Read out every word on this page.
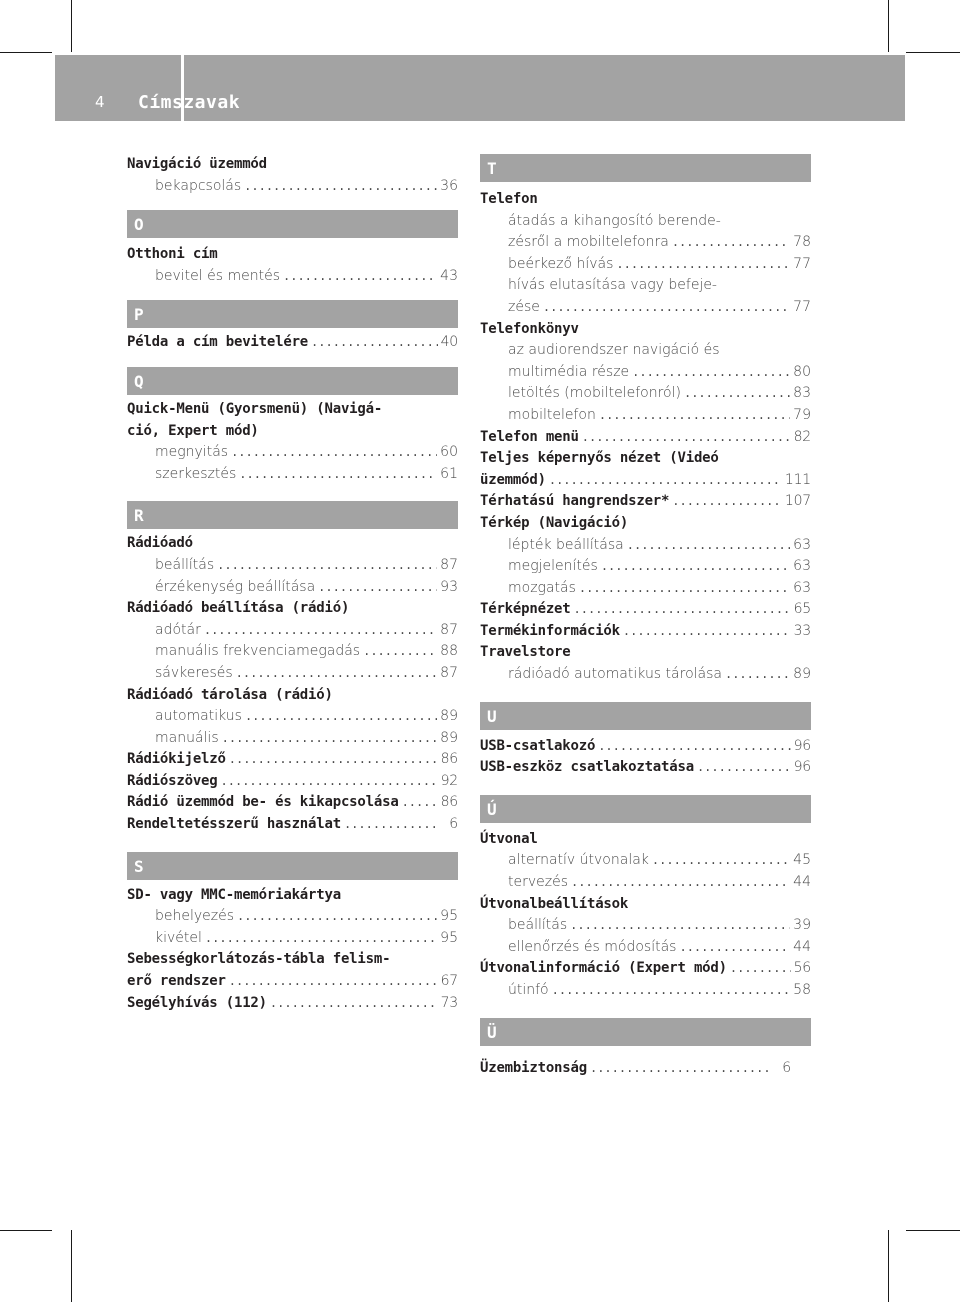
4 Címszavak
Navigáció üzemmód
bekapcsolás .....	36
O
Otthoni cím
bevitel és mentés .....	43
P
Példa a cím bevitelére .....	40
Q
Quick-Menü (Gyorsmenü) (Navigá-
ció, Expert mód)
megnyitás .....	60
szerkesztés .....	61
R
Rádióadó
beállítás .....	87
érzékenység beállítása .....	93
Rádióadó beállítása (rádió)
adótár .....	87
manuális frekvenciamegadás .....	88
sávkeresés .....	87
Rádióadó tárolása (rádió)
automatikus .....	89
manuális .....	89
Rádiókijelző .....	86
Rádiószöveg .....	92
Rádió üzemmód be- és kikapcsolása .....	86
Rendeltetésszerű használat .....	6
S
SD- vagy MMC-memóriakártya
behelyezés .....	95
kivétel .....	95
Sebességkorlátozás-tábla felism-
erő rendszer .....	67
Segélyhívás (112) .....	73
T
Telefon
átadás a kihangosító berende-
zésről a mobiltelefonra .....	78
beérkező hívás .....	77
hívás elutasítása vagy befeje-
zése .....	77
Telefonkönyv
az audiorendszer navigáció és
multimédia része .....	80
letöltés (mobiltelefonról) .....	83
mobiltelefon .....	79
Telefon menü .....	82
Teljes képernyős nézet (Videó
üzemmód) .....	111
Térhatású hangrendszer* .....	107
Térkép (Navigáció)
lépték beállítása .....	63
megjelenítés .....	63
mozgatás .....	63
Térképnézet .....	65
Termékinformációk .....	33
Travelstore
rádióadó automatikus tárolása .....	89
U
USB-csatlakozó .....	96
USB-eszköz csatlakoztatása .....	96
Ú
Útvonal
alternatív útvonalak .....	45
tervezés .....	44
Útvonalbeállítások
beállítás .....	39
ellenőrzés és módosítás .....	44
Útvonalinformáció (Expert mód) .....	56
útinfó .....	58
Ü
Üzembiztonság .....	6
